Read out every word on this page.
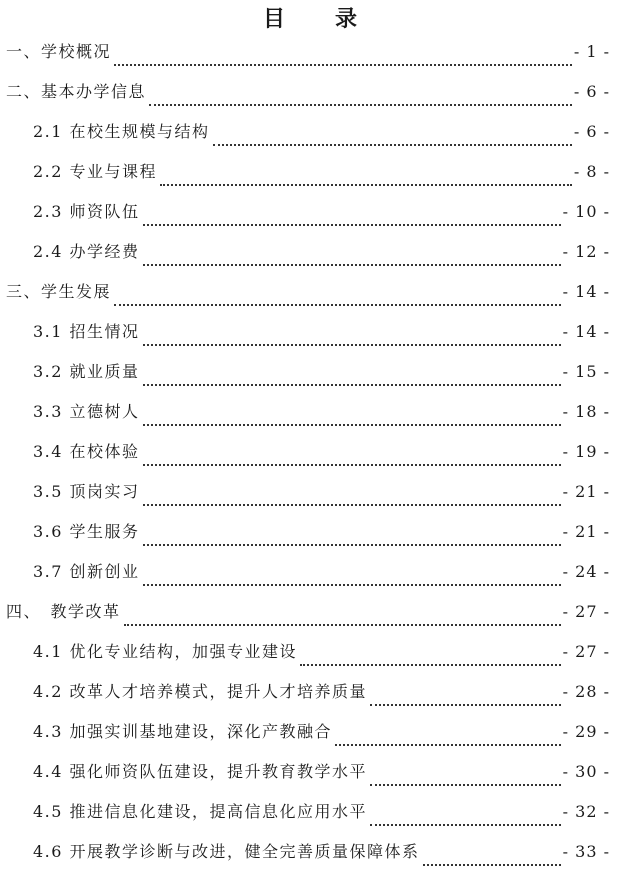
目　录
一、学校概况	- 1 -
二、基本办学信息	- 6 -
2.1 在校生规模与结构	- 6 -
2.2 专业与课程	- 8 -
2.3 师资队伍	- 10 -
2.4 办学经费	- 12 -
三、学生发展	- 14 -
3.1 招生情况	- 14 -
3.2 就业质量	- 15 -
3.3 立德树人	- 18 -
3.4 在校体验	- 19 -
3.5 顶岗实习	- 21 -
3.6 学生服务	- 21 -
3.7 创新创业	- 24 -
四、　教学改革	- 27 -
4.1 优化专业结构，加强专业建设	- 27 -
4.2 改革人才培养模式，提升人才培养质量	- 28 -
4.3 加强实训基地建设，深化产教融合	- 29 -
4.4 强化师资队伍建设，提升教育教学水平	- 30 -
4.5 推进信息化建设，提高信息化应用水平	- 32 -
4.6 开展教学诊断与改进，健全完善质量保障体系	- 33 -
